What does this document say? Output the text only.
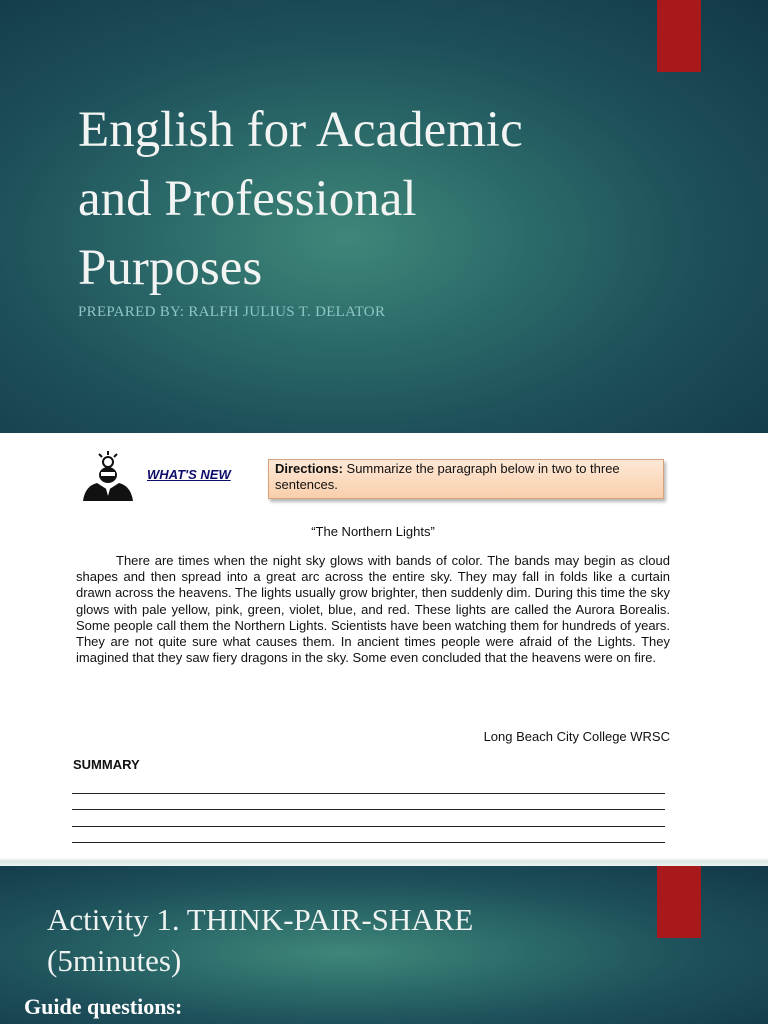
English for Academic
and Professional
Purposes
PREPARED BY: RALFH JULIUS T. DELATOR
WHAT'S NEW	Directions: Summarize the paragraph below in two to three sentences.
“The Northern Lights”

There are times when the night sky glows with bands of color. The bands may begin as cloud shapes and then spread into a great arc across the entire sky. They may fall in folds like a curtain drawn across the heavens. The lights usually grow brighter, then suddenly dim. During this time the sky glows with pale yellow, pink, green, violet, blue, and red. These lights are called the Aurora Borealis. Some people call them the Northern Lights. Scientists have been watching them for hundreds of years. They are not quite sure what causes them. In ancient times people were afraid of the Lights. They imagined that they saw fiery dragons in the sky. Some even concluded that the heavens were on fire.

Long Beach City College WRSC
SUMMARY
Activity 1. THINK-PAIR-SHARE
(5minutes)
Guide questions:
